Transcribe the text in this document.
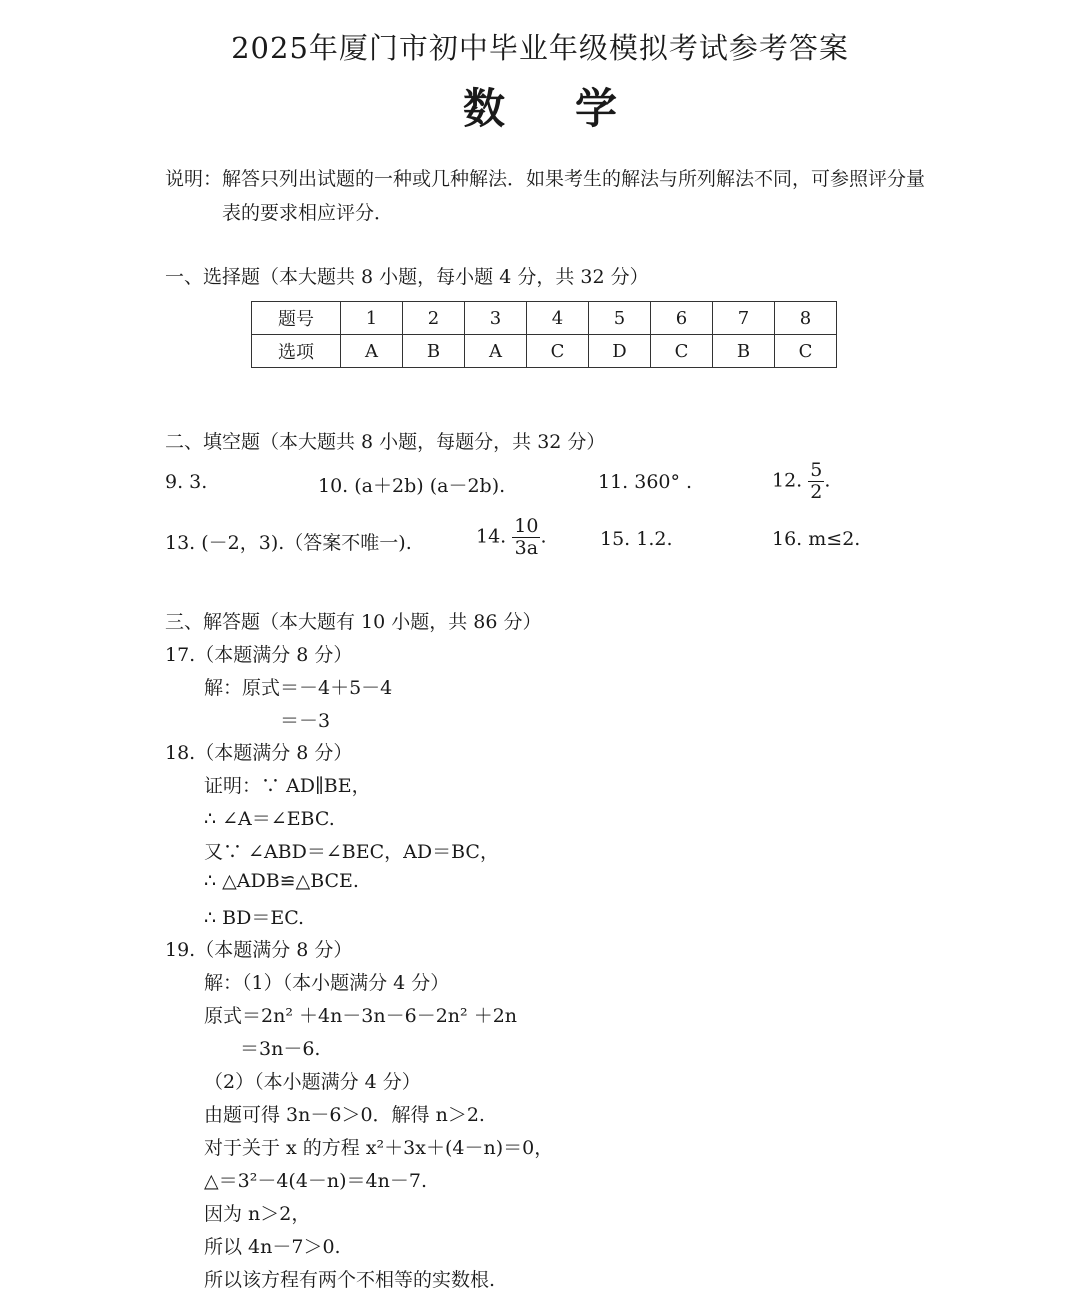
2025年厦门市初中毕业年级模拟考试参考答案
数学
说明：解答只列出试题的一种或几种解法．如果考生的解法与所列解法不同，可参照评分量
表的要求相应评分．
一、选择题（本大题共 8 小题，每小题 4 分，共 32 分）
题号	1	2	3	4	5	6	7	8
选项	A	B	A	C	D	C	B	C
二、填空题（本大题共 8 小题，每题分，共 32 分）
9. 3.	10. (a＋2b) (a－2b).	11. 360° .	12. $\frac{5}{2}$ .
13. (－2，3).（答案不唯一).	14. $\frac{10}{3a}$ .	15. 1.2.	16. m≤2.
三、解答题（本大题有 10 小题，共 86 分）
17.（本题满分 8 分）
解：原式＝－4＋5－4
＝－3
18.（本题满分 8 分）
证明：∵ AD∥BE，
∴ ∠A＝∠EBC.
又∵ ∠ABD＝∠BEC，AD＝BC，
∴ △ADB≌△BCE.
∴ BD＝EC.
19.（本题满分 8 分）
解：（1）（本小题满分 4 分）
原式＝2n² ＋4n－3n－6－2n² ＋2n
＝3n－6.
（2）（本小题满分 4 分）
由题可得 3n－6＞0．解得 n＞2.
对于关于 x 的方程 x²＋3x＋(4－n)＝0，
△＝3²－4(4－n)＝4n－7.
因为 n＞2，
所以 4n－7＞0.
所以该方程有两个不相等的实数根.
